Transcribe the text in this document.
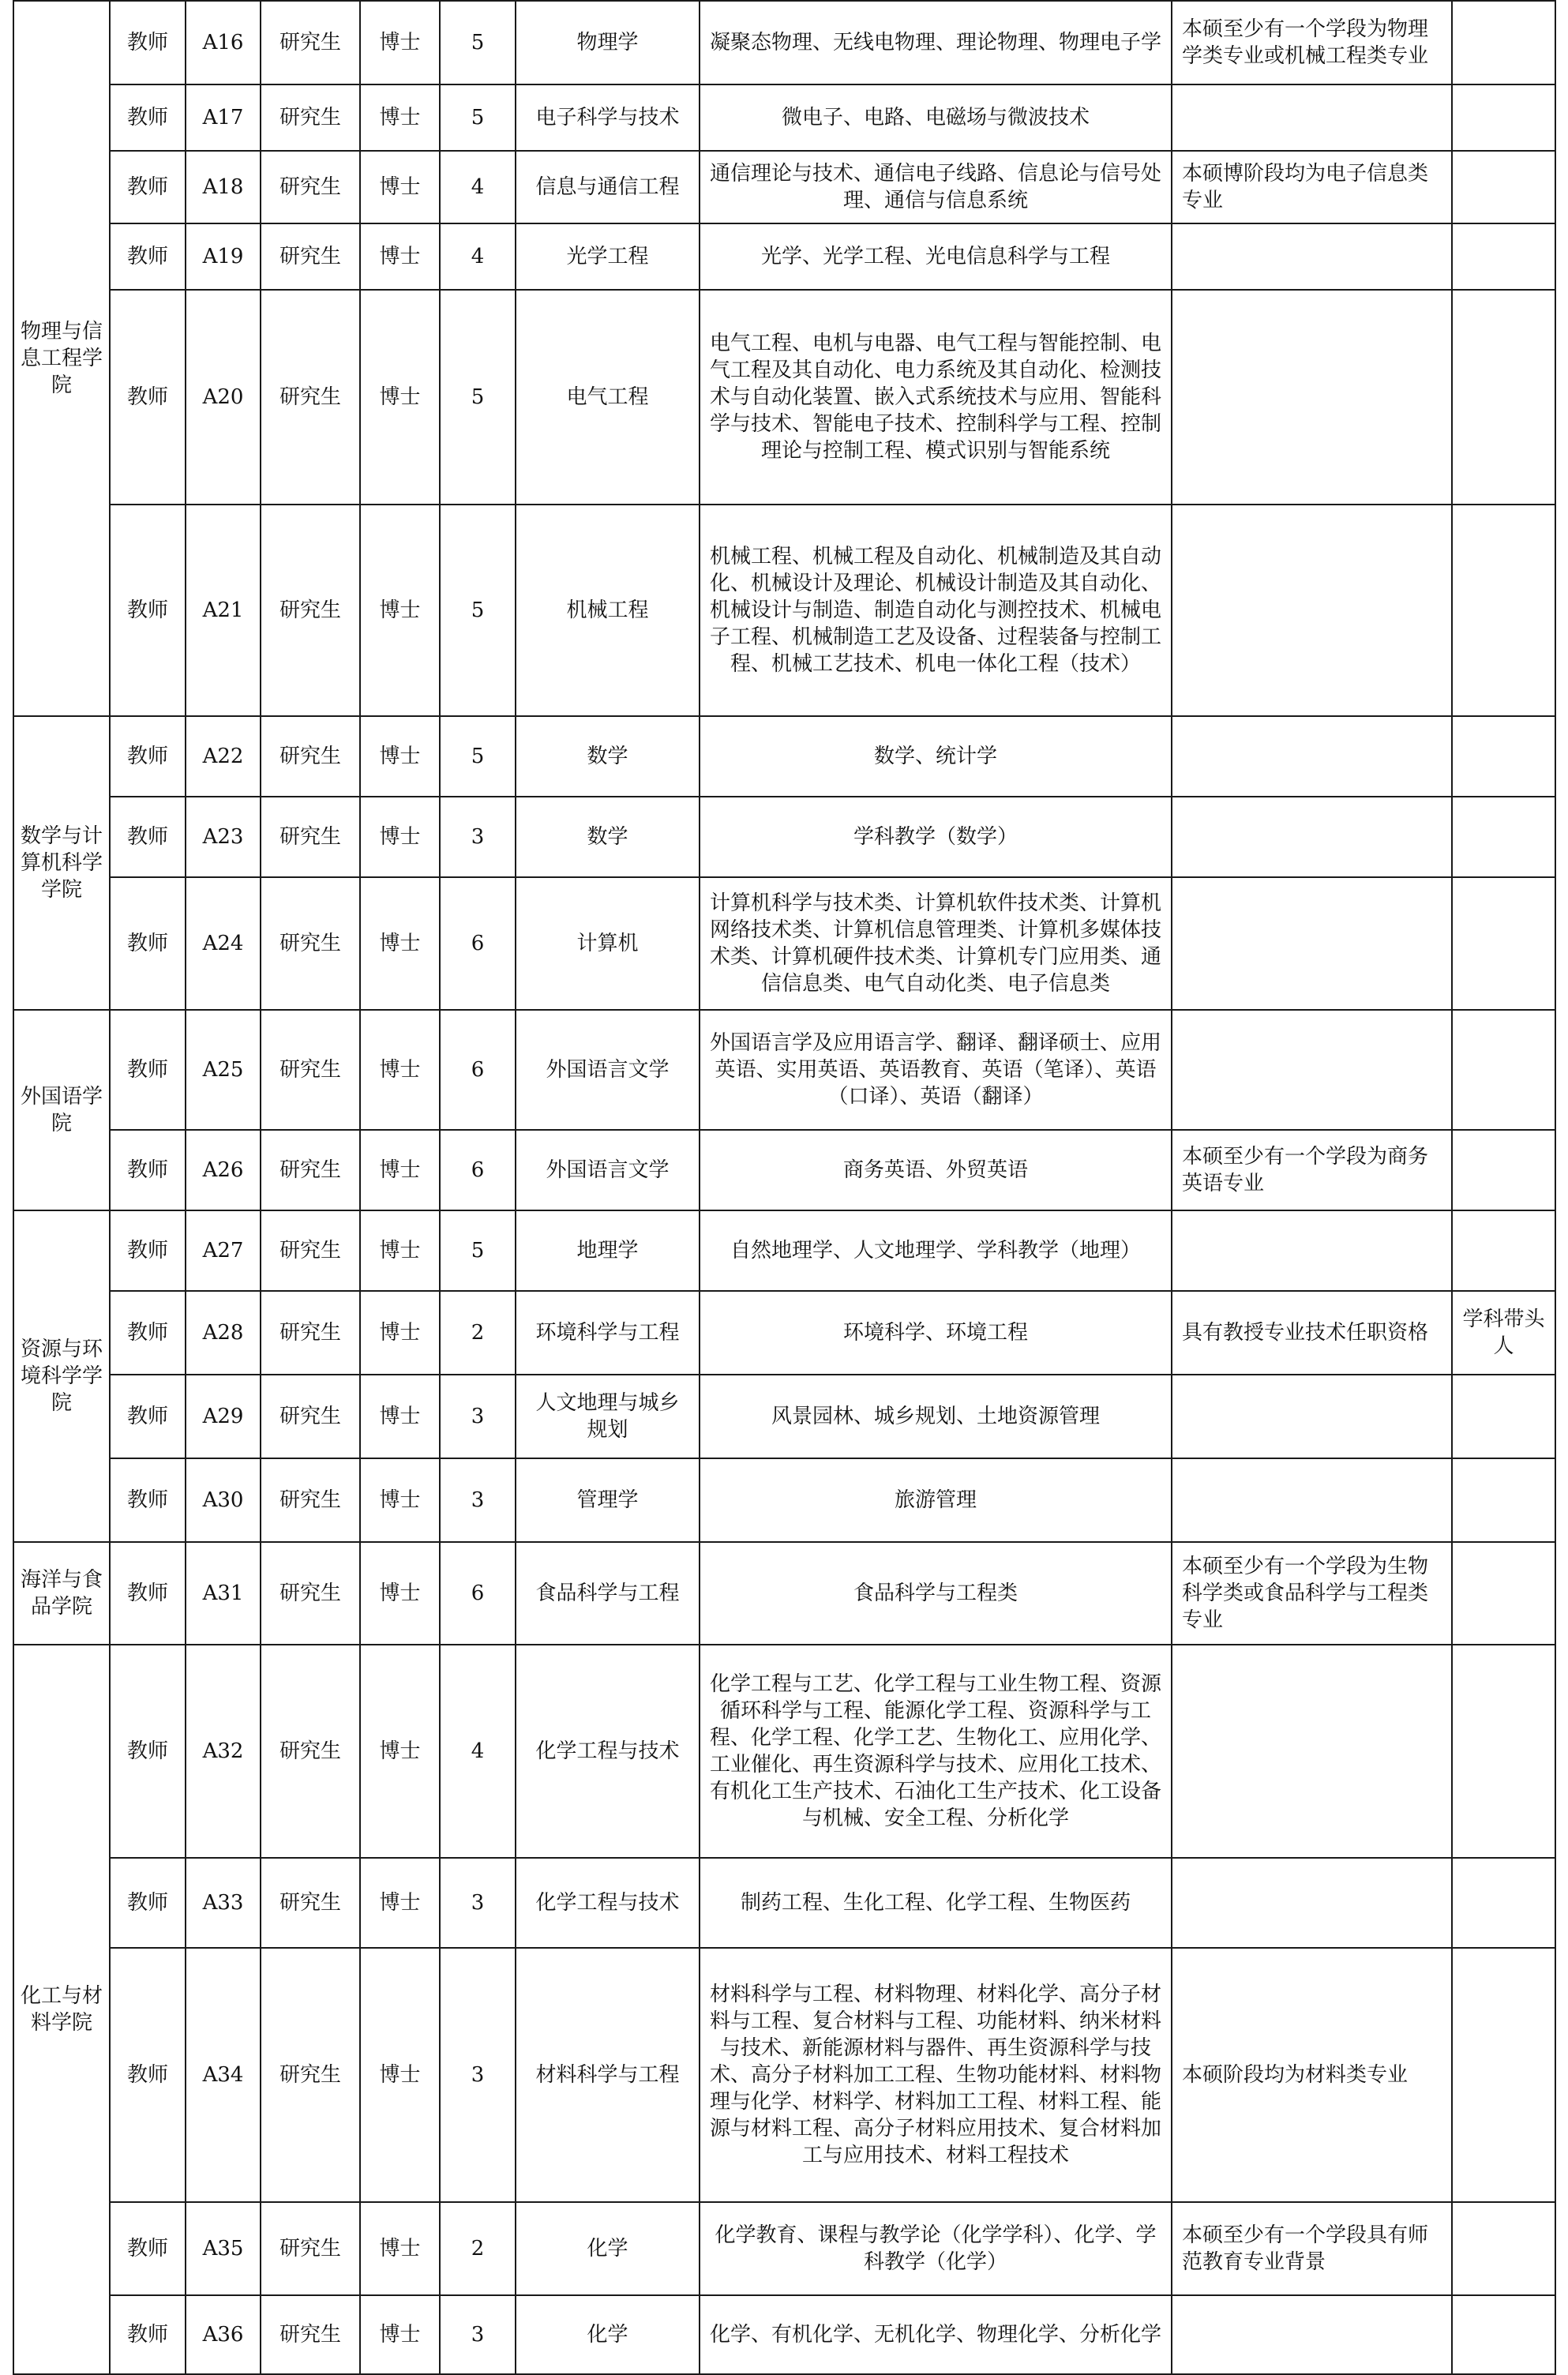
物理与信息工程学院	教师	A16	研究生	博士	5	物理学	凝聚态物理、无线电物理、理论物理、物理电子学	本硕至少有一个学段为物理学类专业或机械工程类专业	
	教师	A17	研究生	博士	5	电子科学与技术	微电子、电路、电磁场与微波技术		
	教师	A18	研究生	博士	4	信息与通信工程	通信理论与技术、通信电子线路、信息论与信号处理、通信与信息系统	本硕博阶段均为电子信息类专业	
	教师	A19	研究生	博士	4	光学工程	光学、光学工程、光电信息科学与工程		
	教师	A20	研究生	博士	5	电气工程	电气工程、电机与电器、电气工程与智能控制、电气工程及其自动化、电力系统及其自动化、检测技术与自动化装置、嵌入式系统技术与应用、智能科学与技术、智能电子技术、控制科学与工程、控制理论与控制工程、模式识别与智能系统		
	教师	A21	研究生	博士	5	机械工程	机械工程、机械工程及自动化、机械制造及其自动化、机械设计及理论、机械设计制造及其自动化、机械设计与制造、制造自动化与测控技术、机械电子工程、机械制造工艺及设备、过程装备与控制工程、机械工艺技术、机电一体化工程（技术）		
数学与计算机科学学院	教师	A22	研究生	博士	5	数学	数学、统计学		
	教师	A23	研究生	博士	3	数学	学科教学（数学）		
	教师	A24	研究生	博士	6	计算机	计算机科学与技术类、计算机软件技术类、计算机网络技术类、计算机信息管理类、计算机多媒体技术类、计算机硬件技术类、计算机专门应用类、通信信息类、电气自动化类、电子信息类		
外国语学院	教师	A25	研究生	博士	6	外国语言文学	外国语言学及应用语言学、翻译、翻译硕士、应用英语、实用英语、英语教育、英语（笔译）、英语（口译）、英语（翻译）		
	教师	A26	研究生	博士	6	外国语言文学	商务英语、外贸英语	本硕至少有一个学段为商务英语专业	
资源与环境科学学院	教师	A27	研究生	博士	5	地理学	自然地理学、人文地理学、学科教学（地理）		
	教师	A28	研究生	博士	2	环境科学与工程	环境科学、环境工程	具有教授专业技术任职资格	学科带头人
	教师	A29	研究生	博士	3	人文地理与城乡规划	风景园林、城乡规划、土地资源管理		
	教师	A30	研究生	博士	3	管理学	旅游管理		
海洋与食品学院	教师	A31	研究生	博士	6	食品科学与工程	食品科学与工程类	本硕至少有一个学段为生物科学类或食品科学与工程类专业	
化工与材料学院	教师	A32	研究生	博士	4	化学工程与技术	化学工程与工艺、化学工程与工业生物工程、资源循环科学与工程、能源化学工程、资源科学与工程、化学工程、化学工艺、生物化工、应用化学、工业催化、再生资源科学与技术、应用化工技术、有机化工生产技术、石油化工生产技术、化工设备与机械、安全工程、分析化学		
	教师	A33	研究生	博士	3	化学工程与技术	制药工程、生化工程、化学工程、生物医药		
	教师	A34	研究生	博士	3	材料科学与工程	材料科学与工程、材料物理、材料化学、高分子材料与工程、复合材料与工程、功能材料、纳米材料与技术、新能源材料与器件、再生资源科学与技术、高分子材料加工工程、生物功能材料、材料物理与化学、材料学、材料加工工程、材料工程、能源与材料工程、高分子材料应用技术、复合材料加工与应用技术、材料工程技术	本硕阶段均为材料类专业	
	教师	A35	研究生	博士	2	化学	化学教育、课程与教学论（化学学科）、化学、学科教学（化学）	本硕至少有一个学段具有师范教育专业背景	
	教师	A36	研究生	博士	3	化学	化学、有机化学、无机化学、物理化学、分析化学		
